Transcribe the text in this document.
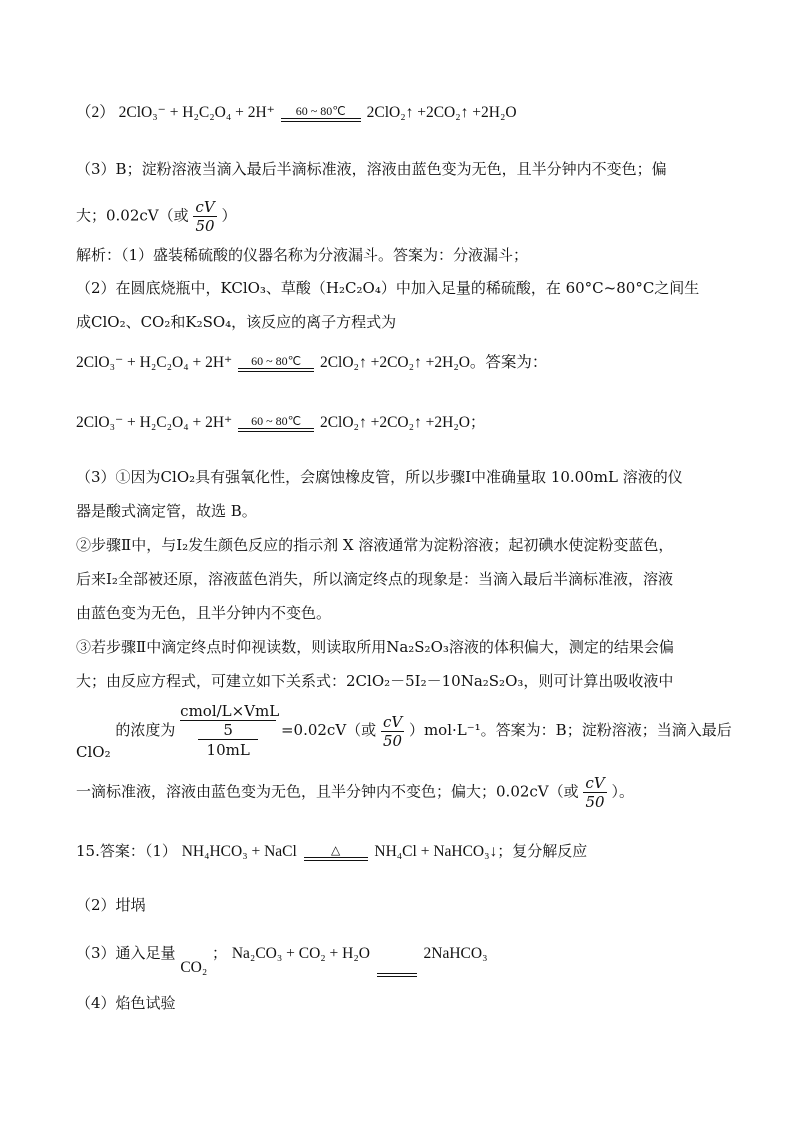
（2） 2ClO₃⁻ + H₂C₂O₄ + 2H⁺	60 ~ 80℃	2ClO₂↑ +2CO₂↑ +2H₂O
（3）B；淀粉溶液当滴入最后半滴标准液，溶液由蓝色变为无色，且半分钟内不变色；偏
大；0.02cV（或 $\frac{cV}{50}$ ）
解析：（1）盛装稀硫酸的仪器名称为分液漏斗。答案为：分液漏斗；
（2）在圆底烧瓶中，KClO₃、草酸（H₂C₂O₄）中加入足量的稀硫酸，在 60°C~80°C之间生
成ClO₂、CO₂和K₂SO₄，该反应的离子方程式为
2ClO₃⁻ + H₂C₂O₄ + 2H⁺	60 ~ 80℃	2ClO₂↑ +2CO₂↑ +2H₂O。答案为：
2ClO₃⁻ + H₂C₂O₄ + 2H⁺	60 ~ 80℃	2ClO₂↑ +2CO₂↑ +2H₂O；
（3）①因为ClO₂具有强氧化性，会腐蚀橡皮管，所以步骤Ⅰ中准确量取 10.00mL 溶液的仪
器是酸式滴定管，故选 B。
②步骤Ⅱ中，与I₂发生颜色反应的指示剂 X 溶液通常为淀粉溶液；起初碘水使淀粉变蓝色，
后来I₂全部被还原，溶液蓝色消失，所以滴定终点的现象是：当滴入最后半滴标准液，溶液
由蓝色变为无色，且半分钟内不变色。
③若步骤Ⅱ中滴定终点时仰视读数，则读取所用Na₂S₂O₃溶液的体积偏大，测定的结果会偏
大；由反应方程式，可建立如下关系式：2ClO₂－5I₂－10Na₂S₂O₃，则可计算出吸收液中
ClO₂ 的浓度为
cmol/L×VmL
5
10mL
=0.02cV（或 $\frac{cV}{50} )mol\cdot L^{-1}$。答案为：B；淀粉溶液；当滴入最后
一滴标准液，溶液由蓝色变为无色，且半分钟内不变色；偏大；0.02cV（或 $\frac{cV}{50}$ ）。
15.答案：（1） NH₄HCO₃ + NaCl	△	NH₄Cl + NaHCO₃↓；复分解反应
（2）坩埚
（3）通入足量 CO₂ ； Na₂CO₃ + CO₂ + H₂O
	2NaHCO₃
（4）焰色试验
